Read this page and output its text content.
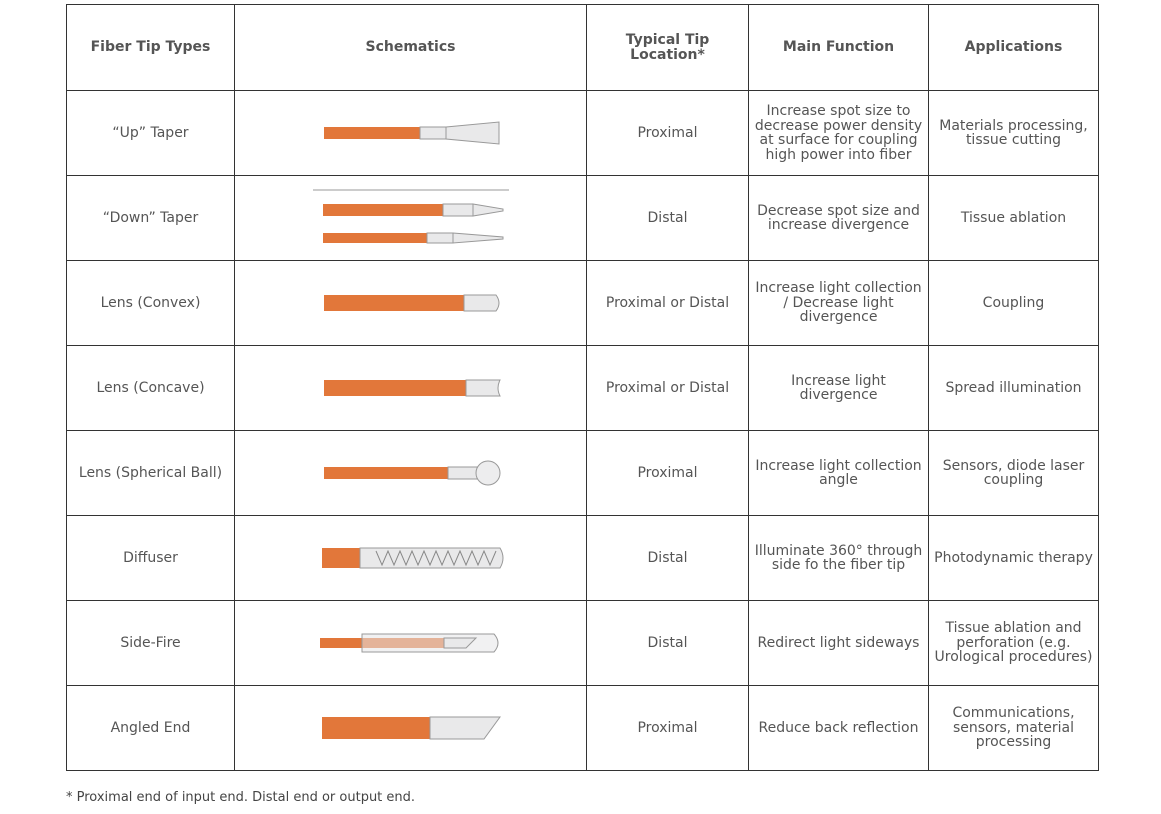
Fiber Tip Types	Schematics	Typical Tip Location*	Main Function	Applications
“Up” Taper		Proximal	Increase spot size to decrease power density at surface for coupling high power into fiber	Materials processing, tissue cutting
“Down” Taper		Distal	Decrease spot size and increase divergence	Tissue ablation
Lens (Convex)		Proximal or Distal	Increase light collection / Decrease light divergence	Coupling
Lens (Concave)		Proximal or Distal	Increase light divergence	Spread illumination
Lens (Spherical Ball)		Proximal	Increase light collection angle	Sensors, diode laser coupling
Diffuser		Distal	Illuminate 360° through side fo the fiber tip	Photodynamic therapy
Side-Fire		Distal	Redirect light sideways	Tissue ablation and perforation (e.g. Urological procedures)
Angled End		Proximal	Reduce back reflection	Communications, sensors, material processing
* Proximal end of input end. Distal end or output end.
